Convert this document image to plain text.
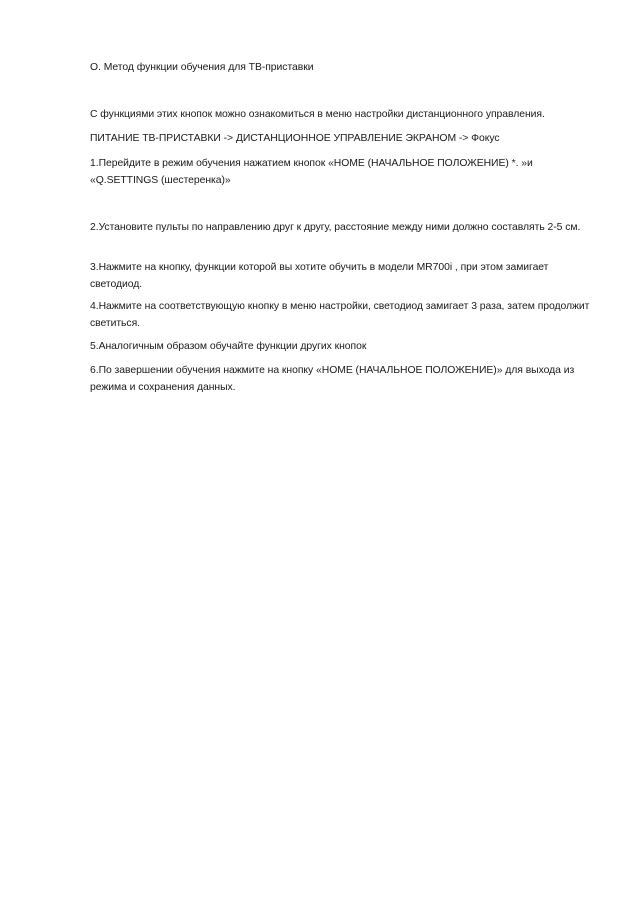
О. Метод функции обучения для ТВ-приставки

С функциями этих кнопок можно ознакомиться в меню настройки дистанционного управления.

ПИТАНИЕ ТВ-ПРИСТАВКИ -> ДИСТАНЦИОННОЕ УПРАВЛЕНИЕ ЭКРАНОМ -> Фокус

1.Перейдите в режим обучения нажатием кнопок «HOME (НАЧАЛЬНОЕ ПОЛОЖЕНИЕ) *. »и «Q.SETTINGS (шестеренка)»

2.Установите пульты по направлению друг к другу, расстояние между ними должно составлять 2-5 см.

3.Нажмите на кнопку, функции которой вы хотите обучить в модели MR700i , при этом замигает светодиод.

4.Нажмите на соответствующую кнопку в меню настройки, светодиод замигает 3 раза, затем продолжит светиться.

5.Аналогичным образом обучайте функции других кнопок

6.По завершении обучения нажмите на кнопку «HOME (НАЧАЛЬНОЕ ПОЛОЖЕНИЕ)» для выхода из режима и сохранения данных.
